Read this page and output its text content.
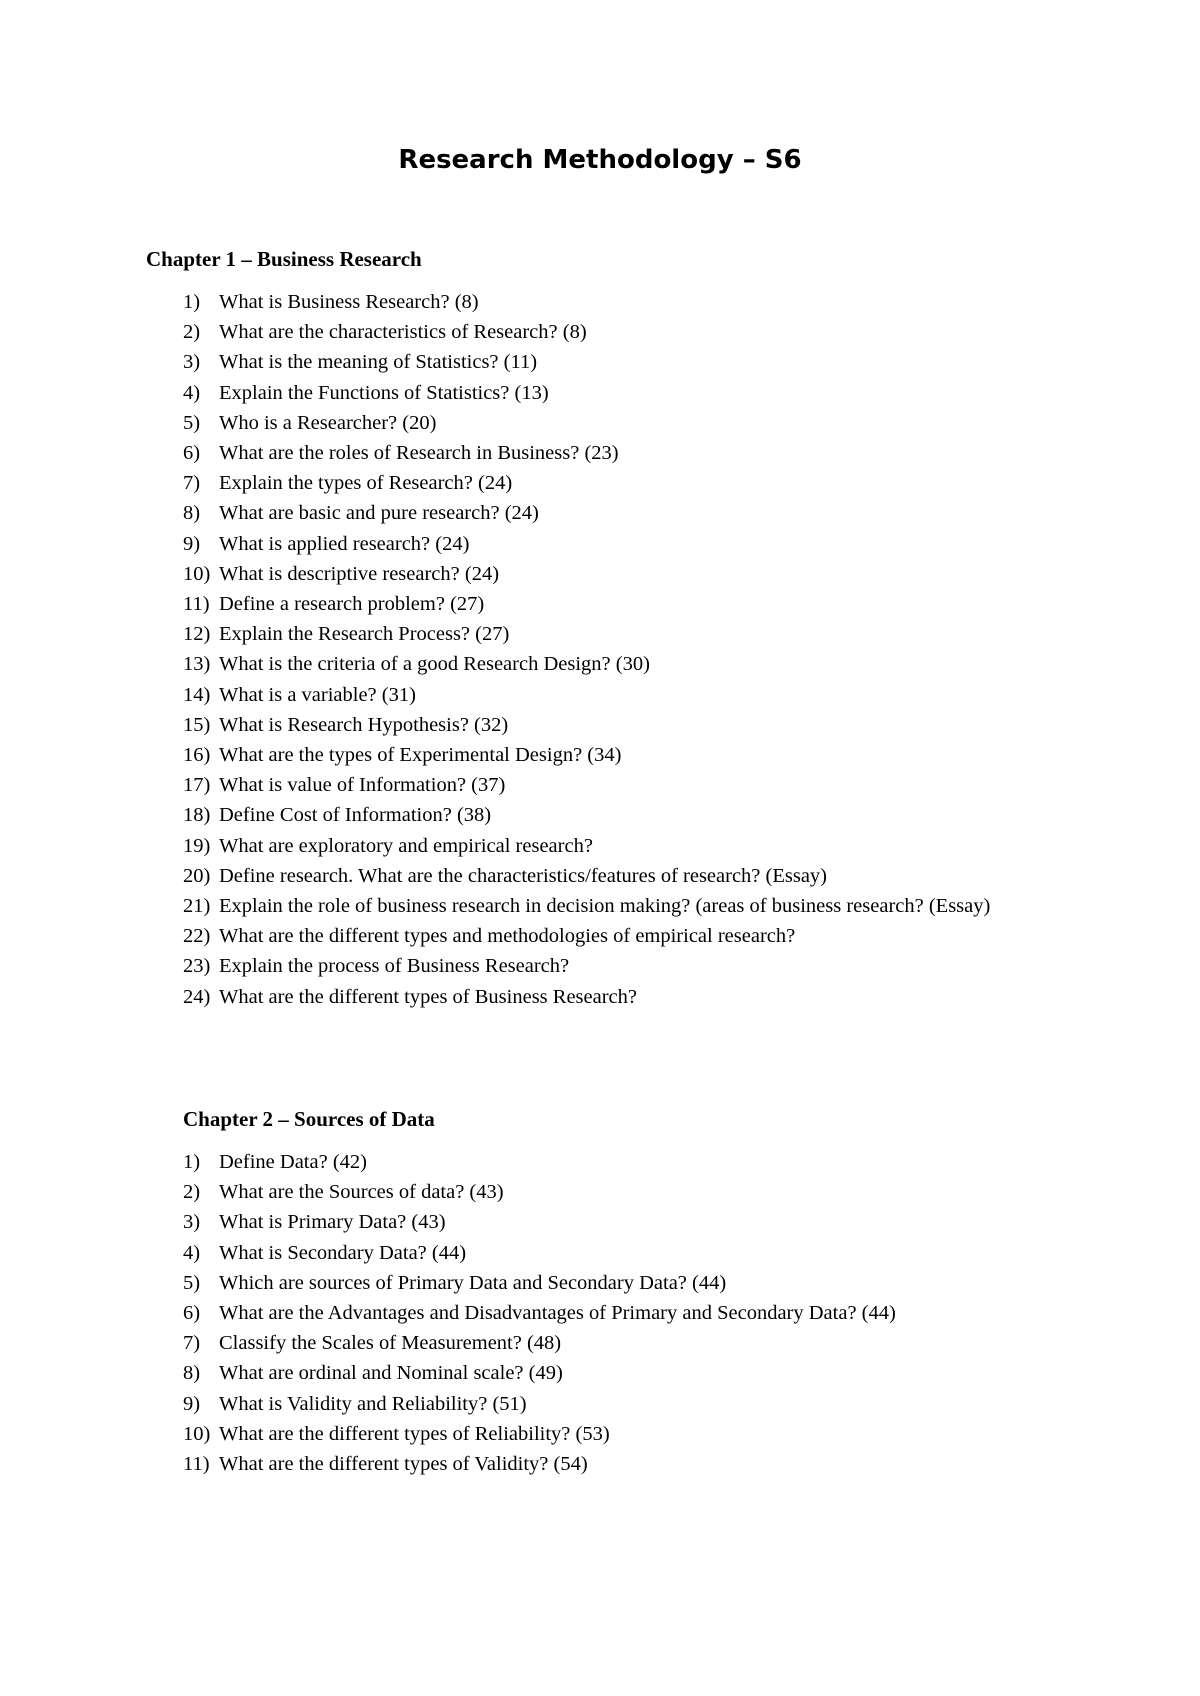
Research Methodology – S6
Chapter 1 – Business Research
1) What is Business Research? (8)
2) What are the characteristics of Research? (8)
3) What is the meaning of Statistics? (11)
4) Explain the Functions of Statistics? (13)
5) Who is a Researcher? (20)
6) What are the roles of Research in Business? (23)
7) Explain the types of Research? (24)
8) What are basic and pure research? (24)
9) What is applied research? (24)
10) What is descriptive research? (24)
11) Define a research problem? (27)
12) Explain the Research Process? (27)
13) What is the criteria of a good Research Design? (30)
14) What is a variable? (31)
15) What is Research Hypothesis? (32)
16) What are the types of Experimental Design? (34)
17) What is value of Information? (37)
18) Define Cost of Information? (38)
19) What are exploratory and empirical research?
20) Define research. What are the characteristics/features of research? (Essay)
21) Explain the role of business research in decision making? (areas of business research? (Essay)
22) What are the different types and methodologies of empirical research?
23) Explain the process of Business Research?
24) What are the different types of Business Research?
Chapter 2 – Sources of Data
1) Define Data? (42)
2) What are the Sources of data? (43)
3) What is Primary Data? (43)
4) What is Secondary Data? (44)
5) Which are sources of Primary Data and Secondary Data? (44)
6) What are the Advantages and Disadvantages of Primary and Secondary Data? (44)
7) Classify the Scales of Measurement? (48)
8) What are ordinal and Nominal scale? (49)
9) What is Validity and Reliability? (51)
10) What are the different types of Reliability? (53)
11) What are the different types of Validity? (54)
